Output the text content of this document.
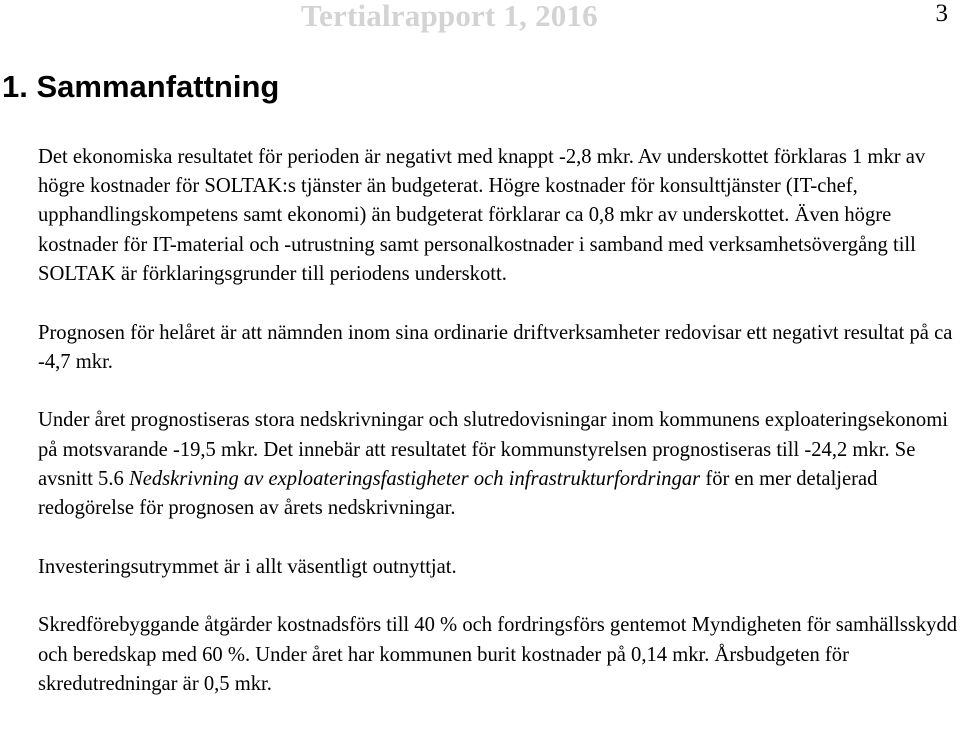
Tertialrapport 1, 2016	3
1. Sammanfattning

Det ekonomiska resultatet för perioden är negativt med knappt -2,8 mkr. Av underskottet förklaras 1 mkr av högre kostnader för SOLTAK:s tjänster än budgeterat. Högre kostnader för konsulttjänster (IT-chef, upphandlingskompetens samt ekonomi) än budgeterat förklarar ca 0,8 mkr av underskottet. Även högre kostnader för IT-material och -utrustning samt personalkostnader i samband med verksamhetsövergång till SOLTAK är förklaringsgrunder till periodens underskott.

Prognosen för helåret är att nämnden inom sina ordinarie driftverksamheter redovisar ett negativt resultat på ca -4,7 mkr.

Under året prognostiseras stora nedskrivningar och slutredovisningar inom kommunens exploateringsekonomi på motsvarande -19,5 mkr. Det innebär att resultatet för kommunstyrelsen prognostiseras till -24,2 mkr. Se avsnitt 5.6 Nedskrivning av exploateringsfastigheter och infrastrukturfordringar för en mer detaljerad redogörelse för prognosen av årets nedskrivningar.

Investeringsutrymmet är i allt väsentligt outnyttjat.

Skredförebyggande åtgärder kostnadsförs till 40 % och fordringsförs gentemot Myndigheten för samhällsskydd och beredskap med 60 %. Under året har kommunen burit kostnader på 0,14 mkr. Årsbudgeten för skredutredningar är 0,5 mkr.
